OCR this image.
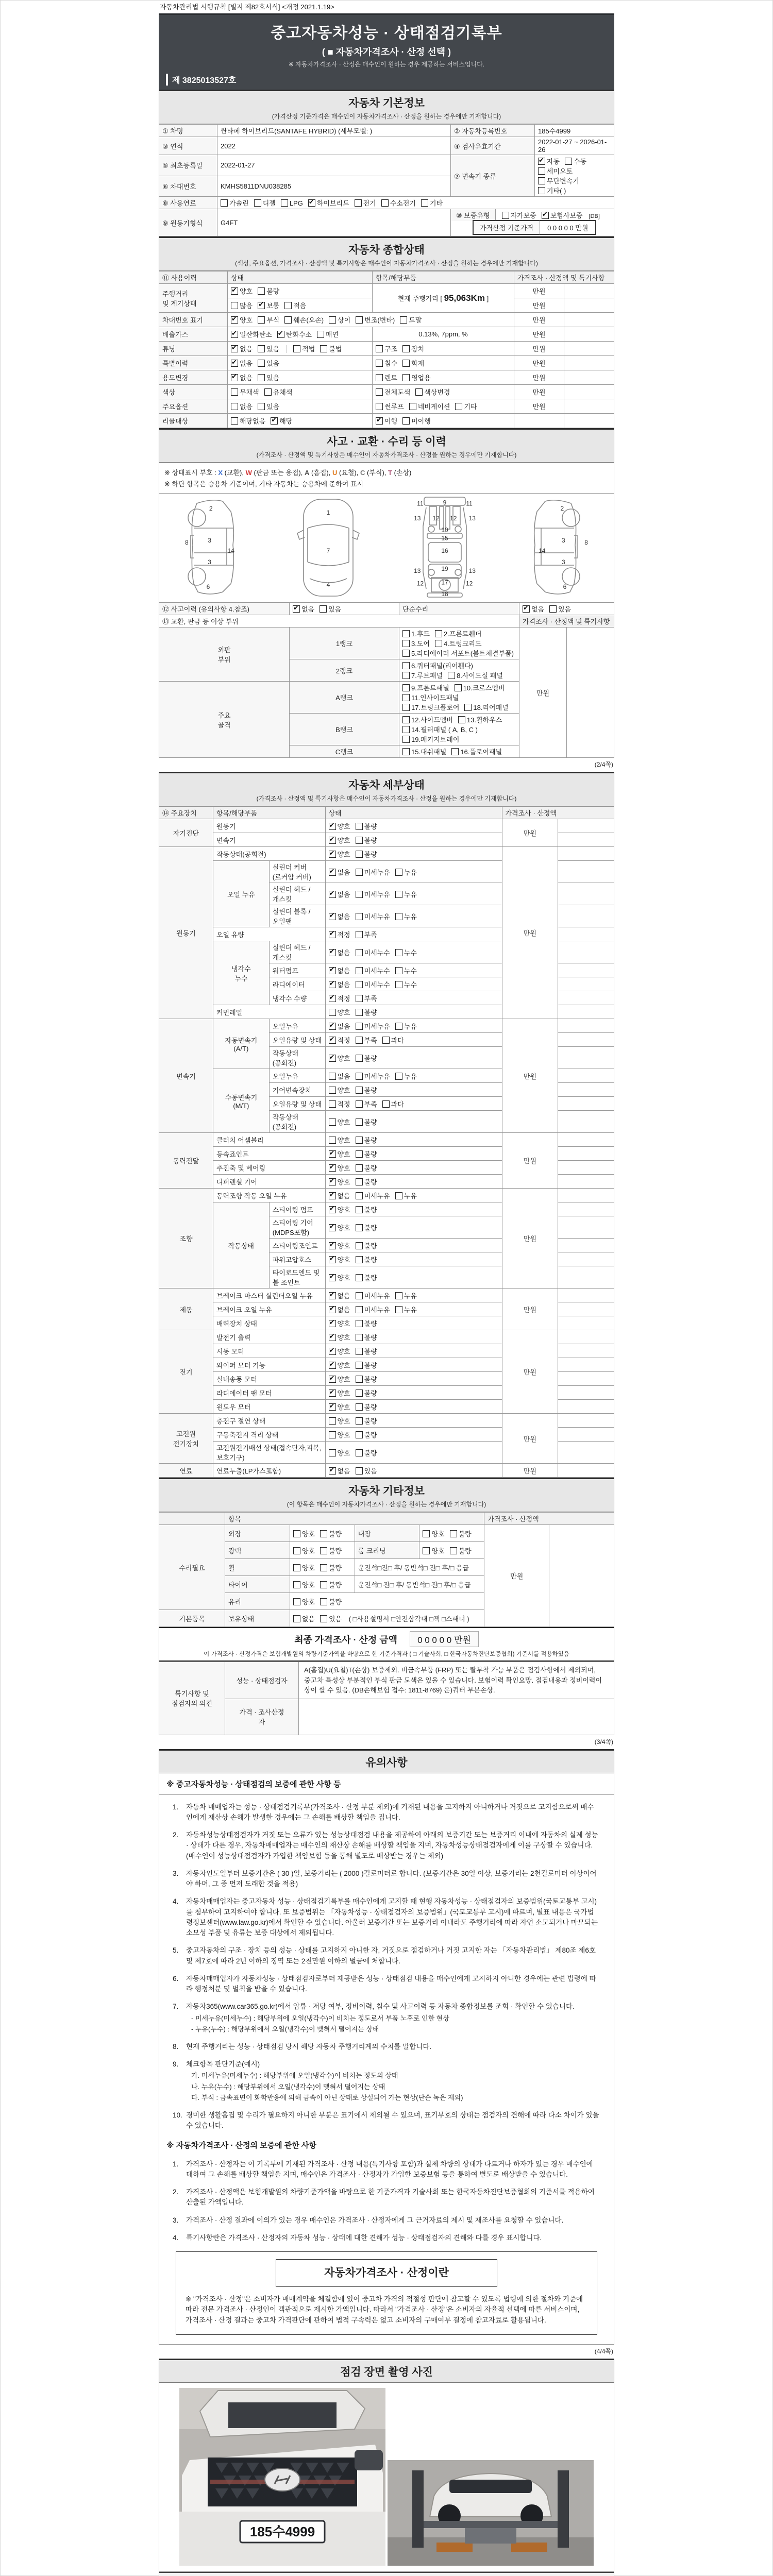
자동차관리법 시행규칙 [별지 제82호서식] <개정 2021.1.19>
중고자동차성능 · 상태점검기록부
( ■ 자동차가격조사 · 산정 선택 )
※ 자동차가격조사 · 산정은 매수인이 원하는 경우 제공하는 서비스입니다.
제 3825013527호
자동차 기본정보
(가격산정 기준가격은 매수인이 자동차가격조사 · 산정을 원하는 경우에만 기재합니다)
① 차명	싼타페 하이브리드(SANTAFE HYBRID) (세부모델: )	② 자동차등록번호	185수4999
③ 연식	2022	④ 검사유효기간	2022-01-27 ~ 2026-01-26
⑤ 최초등록일	2022-01-27	⑦ 변속기 종류	✔ 자동 수동세미오토
무단변속기기타( )
⑥ 차대번호	KMHS5811DNU038285		
⑧ 사용연료	가솔린 디젤 LPG ✔ 하이브리드 전기 수소전기 기타		
⑨ 원동기형식	G4FT	⑩ 보증유형 자가보증 ✔ 보험사보증 [DB]가격산정 기준가격 0 0 0 0 0 만원	
자동차 종합상태
(색상, 주요옵션, 가격조사 · 산정액 및 특기사항은 매수인이 자동차가격조사 · 산정을 원하는 경우에만 기재합니다)
⑪ 사용이력	상태	항목/해당부품	가격조사 · 산정액 및 특기사항	
주행거리
및 계기상태	✔ 양호 불량	현재 주행거리 [ 95,063Km ]	만원	
	많음 ✔ 보통 적음		만원	
차대번호 표기	✔ 양호 부식 훼손(오손) 상이 변조(변타) 도말		만원	
배출가스	✔ 일산화탄소 ✔ 탄화수소 매연	0.13%, 7ppm, %	만원	
튜닝	✔ 없음 있음 적법 불법	구조 장치	만원	
특별이력	✔ 없음 있음	침수 화재	만원	
용도변경	✔ 없음 있음	렌트 영업용	만원	
색상	무채색 유채색	전체도색 색상변경	만원	
주요옵션	없음 있음	썬루프 네비게이션 기타	만원	
리콜대상	해당없음 ✔ 해당	✔ 이행 미이행		
사고 · 교환 · 수리 등 이력
(가격조사 · 산정액 및 특기사항은 매수인이 자동차가격조사 · 산정을 원하는 경우에만 기재합니다)
※ 상태표시 부호 : X (교환), W (판금 또는 용접), A (흠집), U (요철), C (부식), T (손상)
※ 하단 항목은 승용차 기준이며, 기타 자동차는 승용차에 준하여 표시
2
8	3
14
3
6
1
7
4
11	9	11
13 12 12 13
10
15
16
19
13	13
12	17	12
18
2
3	8
14
3
6
⑫ 사고이력 (유의사항 4.참조)	✔ 없음 있음	단순수리	✔ 없음 있음	
⑬ 교환, 판금 등 이상 부위			가격조사 · 산정액 및 특기사항	
외판
부위	1랭크	1.후드 2.프론트휀더3.도어 4.트렁크리드5.라디에이터 서포트(볼트체결부품)	만원	
	2랭크	6.쿼터패널(리어휀다)7.루브패널 8.사이드실 패널		
주요
골격	A랭크	9.프론트패널 10.크로스멤버11.인사이드패널17.트렁크플로어 18.리어패널		
	B랭크	12.사이드멤버 13.휠하우스14.필러패널 ( A, B, C )19.패키지트레이		
	C랭크	15.대쉬패널 16.플로어패널		
(2/4쪽)
자동차 세부상태
(가격조사 · 산정액 및 특기사항은 매수인이 자동차가격조사 · 산정을 원하는 경우에만 기재합니다)
⑭ 주요장치	항목/해당부품		상태	가격조사 · 산정액	
자기진단	원동기		✔ 양호 불량	만원	
	변속기		✔ 양호 불량		
원동기	작동상태(공회전)		✔ 양호 불량	만원	
	오일 누유	실린더 커버(로커암 커버)	✔ 없음 미세누유 누유		
		실린더 헤드 / 개스킷	✔ 없음 미세누유 누유		
		실린더 블록 / 오일팬	✔ 없음 미세누유 누유		
	오일 유량		✔ 적정 부족		
	냉각수
누수	실린더 헤드 / 개스킷	✔ 없음 미세누수 누수		
		워터펌프	✔ 없음 미세누수 누수		
		라디에이터	✔ 없음 미세누수 누수		
		냉각수 수량	✔ 적정 부족		
	커먼레일		양호 불량		
변속기	자동변속기
(A/T)	오일누유	✔ 없음 미세누유 누유	만원	
		오일유량 및 상태	✔ 적정 부족 과다		
		작동상태(공회전)	✔ 양호 불량		
	수동변속기
(M/T)	오일누유	없음 미세누유 누유		
		기어변속장치	양호 불량		
		오일유량 및 상태	적정 부족 과다		
		작동상태(공회전)	양호 불량		
동력전달	클러치 어셈블리		양호 불량	만원	
	등속죠인트		✔ 양호 불량		
	추진축 및 베어링		✔ 양호 불량		
	디퍼렌셜 기어		✔ 양호 불량		
조향	동력조향 작동 오일 누유		✔ 없음 미세누유 누유	만원	
	작동상태	스티어링 펌프	✔ 양호 불량		
		스티어링 기어(MDPS포함)	✔ 양호 불량		
		스티어링조인트	✔ 양호 불량		
		파워고압호스	✔ 양호 불량		
		타이로드엔드 및 볼 조인트	✔ 양호 불량		
제동	브레이크 마스터 실린더오일 누유		✔ 없음 미세누유 누유	만원	
	브레이크 오일 누유		✔ 없음 미세누유 누유		
	배력장치 상태		✔ 양호 불량		
전기	발전기 출력		✔ 양호 불량	만원	
	시동 모터		✔ 양호 불량		
	와이퍼 모터 기능		✔ 양호 불량		
	실내송풍 모터		✔ 양호 불량		
	라디에이터 팬 모터		✔ 양호 불량		
	윈도우 모터		✔ 양호 불량		
고전원
전기장치	충전구 절연 상태		양호 불량	만원	
	구동축전지 격리 상태		양호 불량		
	고전원전기배선 상태(접속단자,피복,보호기구)		양호 불량		
연료	연료누출(LP가스포함)		✔ 없음 있음	만원	
자동차 기타정보
(이 항목은 매수인이 자동차가격조사 · 산정을 원하는 경우에만 기재합니다)
	항목				가격조사 · 산정액	
수리필요	외장	양호 불량	내장	양호 불량	만원	
	광택	양호 불량	룸 크리닝	양호 불량		
	휠	양호 불량	운전석□전□ 후/ 동반석□ 전□ 후/□ 응급			
	타이어	양호 불량	운전석□ 전□ 후/ 동반석□ 전□ 후/□ 응급			
	유리	양호 불량				
기본품목	보유상태	없음 있음 ( □사용설명서 □안전삼각대 □잭 □스패너 )				
최종 가격조사 · 산정 금액	0 0 0 0 0 만원
이 가격조사 · 산정가격은 보험개발원의 차량기준가액을 바탕으로 한 기준가격과 ( □ 기술사회, □ 한국자동차진단보증협회) 기준서를 적용하였음
특기사항 및
점검자의 의견	성능 · 상태점검자	A(흠집)U(요철)T(손상) 보증제외. 비금속부품 (FRP) 또는 탈부착 가능 부품은 점검사항에서 제외되며, 중고차 특성상 부분적인 부식 판금 도색은 있을 수 있습니다. 보험이력 확인요망. 점검내용과 정비이력이 상이 할 수 있음. (DB손해보험 접수: 1811-8769) 운)쿼터 부분손상.
	가격 · 조사산정
자	
(3/4쪽)
유의사항
※ 중고자동차성능 · 상태점검의 보증에 관한 사항 등
1.	자동차 매매업자는 성능 · 상태점검기록부(가격조사 · 산정 부분 제외)에 기재된 내용을 고지하지 아니하거나 거짓으로 고지함으로써 매수인에게 재산상 손해가 발생한 경우에는 그 손해를 배상할 책임을 집니다.
2.	자동차성능상태점검자가 거짓 또는 오류가 있는 성능상태점검 내용을 제공하여 아래의 보증기간 또는 보증거리 이내에 자동차의 실제 성능 · 상태가 다른 경우, 자동차매매업자는 매수인의 재산상 손해를 배상할 책임을 지며, 자동차성능상태점검자에게 이를 구상할 수 있습니다.(매수인이 성능상태점검자가 가입한 책임보험 등을 통해 별도로 배상받는 경우는 제외)
3.	자동차인도일부터 보증기간은 ( 30 )일, 보증거리는 ( 2000 )킬로미터로 합니다. (보증기간은 30일 이상, 보증거리는 2천킬로미터 이상이어야 하며, 그 중 먼저 도래한 것을 적용)
4.	자동차매매업자는 중고자동차 성능 · 상태점검기록부를 매수인에게 고지할 때 현행 자동차성능 · 상태점검자의 보증범위(국토교통부 고시)를 첨부하여 고지하여야 합니다. 또 보증범위는 「자동차성능 · 상태점검자의 보증범위」(국토교통부 고시)에 따르며, 별표 내용은 국가법령정보센터(www.law.go.kr)에서 확인할 수 있습니다. 아울러 보증기간 또는 보증거리 이내라도 주행거리에 따라 자연 소모되거나 마모되는 소모성 부품 및 유류는 보증 대상에서 제외됩니다.
5.	중고자동차의 구조 · 장치 등의 성능 · 상태를 고지하지 아니한 자, 거짓으로 점검하거나 거짓 고지한 자는 「자동차관리법」 제80조 제6호 및 제7호에 따라 2년 이하의 징역 또는 2천만원 이하의 벌금에 처합니다.
6.	자동차매매업자가 자동차성능 · 상태점검자로부터 제공받은 성능 · 상태점검 내용을 매수인에게 고지하지 아니한 경우에는 관련 법령에 따라 행정처분 및 벌칙을 받을 수 있습니다.
7.	자동차365(www.car365.go.kr)에서 압류 · 저당 여부, 정비이력, 침수 및 사고이력 등 자동차 종합정보를 조회 · 확인할 수 있습니다.
- 미세누유(미세누수) : 해당부위에 오일(냉각수)이 비치는 정도로서 부품 노후로 인한 현상
- 누유(누수) : 해당부위에서 오일(냉각수)이 맺혀서 떨어지는 상태
8.	현재 주행거리는 성능 · 상태점검 당시 해당 자동차 주행거리계의 수치를 말합니다.
9.	체크항목 판단기준(예시)
가. 미세누유(미세누수) : 해당부위에 오일(냉각수)이 비치는 정도의 상태
나. 누유(누수) : 해당부위에서 오일(냉각수)이 맺혀서 떨어지는 상태
다. 부식 : 금속표면이 화학반응에 의해 금속이 아닌 상태로 상실되어 가는 현상(단순 녹은 제외)
10. 경미한 생활흠집 및 수리가 필요하지 아니한 부분은 표기에서 제외될 수 있으며, 표기부호의 상태는 점검자의 견해에 따라 다소 차이가 있을 수 있습니다.
※ 자동차가격조사 · 산정의 보증에 관한 사항
1.	가격조사 · 산정자는 이 기록부에 기재된 가격조사 · 산정 내용(특기사항 포함)과 실제 차량의 상태가 다르거나 하자가 있는 경우 매수인에 대하여 그 손해를 배상할 책임을 지며, 매수인은 가격조사 · 산정자가 가입한 보증보험 등을 통하여 별도로 배상받을 수 있습니다.
2.	가격조사 · 산정액은 보험개발원의 차량기준가액을 바탕으로 한 기준가격과 기술사회 또는 한국자동차진단보증협회의 기준서를 적용하여 산출된 가액입니다.
3.	가격조사 · 산정 결과에 이의가 있는 경우 매수인은 가격조사 · 산정자에게 그 근거자료의 제시 및 재조사를 요청할 수 있습니다.
4.	특기사항란은 가격조사 · 산정자의 자동차 성능 · 상태에 대한 견해가 성능 · 상태점검자의 견해와 다를 경우 표시합니다.
자동차가격조사 · 산정이란
※ "가격조사 · 산정"은 소비자가 매매계약을 체결함에 있어 중고차 가격의 적절성 판단에 참고할 수 있도록 법령에 의한 절차와 기준에 따라 전문 가격조사 · 산정인이 객관적으로 제시한 가액입니다. 따라서 "가격조사 · 산정"은 소비자의 자율적 선택에 따른 서비스이며, 가격조사 · 산정 결과는 중고차 가격판단에 관하여 법적 구속력은 없고 소비자의 구매여부 결정에 참고자료로 활용됩니다.
(4/4쪽)
점검 장면 촬영 사진
185수4999
